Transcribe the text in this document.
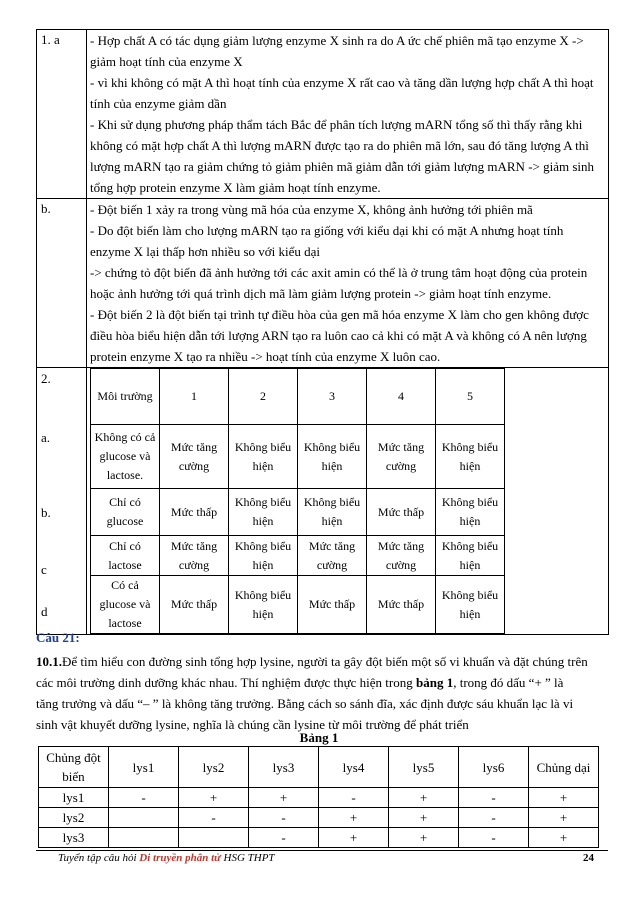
1. a	- Hợp chất A có tác dụng giảm lượng enzyme X sinh ra do A ức chế phiên mã tạo enzyme X ->
giảm hoạt tính của enzyme X
- vì khi không có mặt A thì hoạt tính của enzyme X rất cao và tăng dần lượng hợp chất A thì hoạt
tính của enzyme giảm dần
- Khi sử dụng phương pháp thẩm tách Bắc để phân tích lượng mARN tổng số thì thấy rằng khi
không có mặt hợp chất A thì lượng mARN được tạo ra do phiên mã lớn, sau đó tăng lượng A thì
lượng mARN tạo ra giảm chứng tỏ giảm phiên mã giảm dẫn tới giảm lượng mARN -> giảm sinh
tổng hợp protein enzyme X làm giảm hoạt tính enzyme.

b.	- Đột biến 1 xảy ra trong vùng mã hóa của enzyme X, không ảnh hưởng tới phiên mã
- Do đột biến làm cho lượng mARN tạo ra giống với kiểu dại khi có mặt A nhưng hoạt tính
enzyme X lại thấp hơn nhiều so với kiểu dại
-> chứng tỏ đột biến đã ảnh hưởng tới các axit amin có thể là ở trung tâm hoạt động của protein
hoặc ảnh hưởng tới quá trình dịch mã làm giảm lượng protein -> giảm hoạt tính enzyme.
- Đột biến 2 là đột biến tại trình tự điều hòa của gen mã hóa enzyme X làm cho gen không được
điều hòa biểu hiện dẫn tới lượng ARN tạo ra luôn cao cả khi có mặt A và không có A nên lượng
protein enzyme X tạo ra nhiều -> hoạt tính của enzyme X luôn cao.

2.
a.
b.
c
d

Môi trường	1	2	3	4	5
Không có cả glucose và lactose.	Mức tăng cường	Không biểu hiện	Không biểu hiện	Mức tăng cường	Không biểu hiện
Chỉ có glucose	Mức thấp	Không biểu hiện	Không biểu hiện	Mức thấp	Không biểu hiện
Chỉ có lactose	Mức tăng cường	Không biểu hiện	Mức tăng cường	Mức tăng cường	Không biểu hiện
Có cả glucose và lactose	Mức thấp	Không biểu hiện	Mức thấp	Mức thấp	Không biểu hiện
Câu 21:
10.1.Để tìm hiểu con đường sinh tổng hợp lysine, người ta gây đột biến một số vi khuẩn và đặt chúng trên
các môi trường dinh dưỡng khác nhau. Thí nghiệm được thực hiện trong bảng 1, trong đó dấu “+ ” là
tăng trưởng và dấu “– ” là không tăng trưởng. Bằng cách so sánh đĩa, xác định được sáu khuẩn lạc là vi
sinh vật khuyết dưỡng lysine, nghĩa là chúng cần lysine từ môi trường để phát triển
Bảng 1
Chủng đột biến	lys1	lys2	lys3	lys4	lys5	lys6	Chủng dại
lys1	-	+	+	-	+	-	+
lys2		-	-	+	+	-	+
lys3			-	+	+	-	+
Tuyển tập câu hỏi Di truyền phân tử HSG THPT	24
